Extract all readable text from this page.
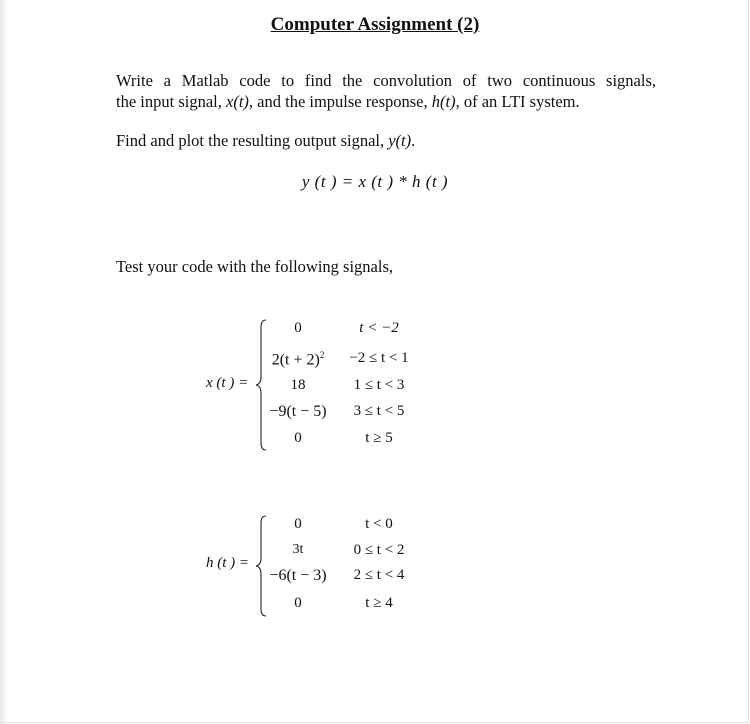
Computer Assignment (2)
Write a Matlab code to find the convolution of two continuous signals,
the input signal, x(t), and the impulse response, h(t), of an LTI system.
Find and plot the resulting output signal, y(t).
y (t ) = x (t ) * h (t )
Test your code with the following signals,
x (t ) =
0	t < −2
$2(t + 2)^2$	−2 ≤ t < 1
18	1 ≤ t < 3
−9(t − 5)	3 ≤ t < 5
0	t ≥ 5
h (t ) =
0	t < 0
3t	0 ≤ t < 2
−6(t − 3)	2 ≤ t < 4
0	t ≥ 4
